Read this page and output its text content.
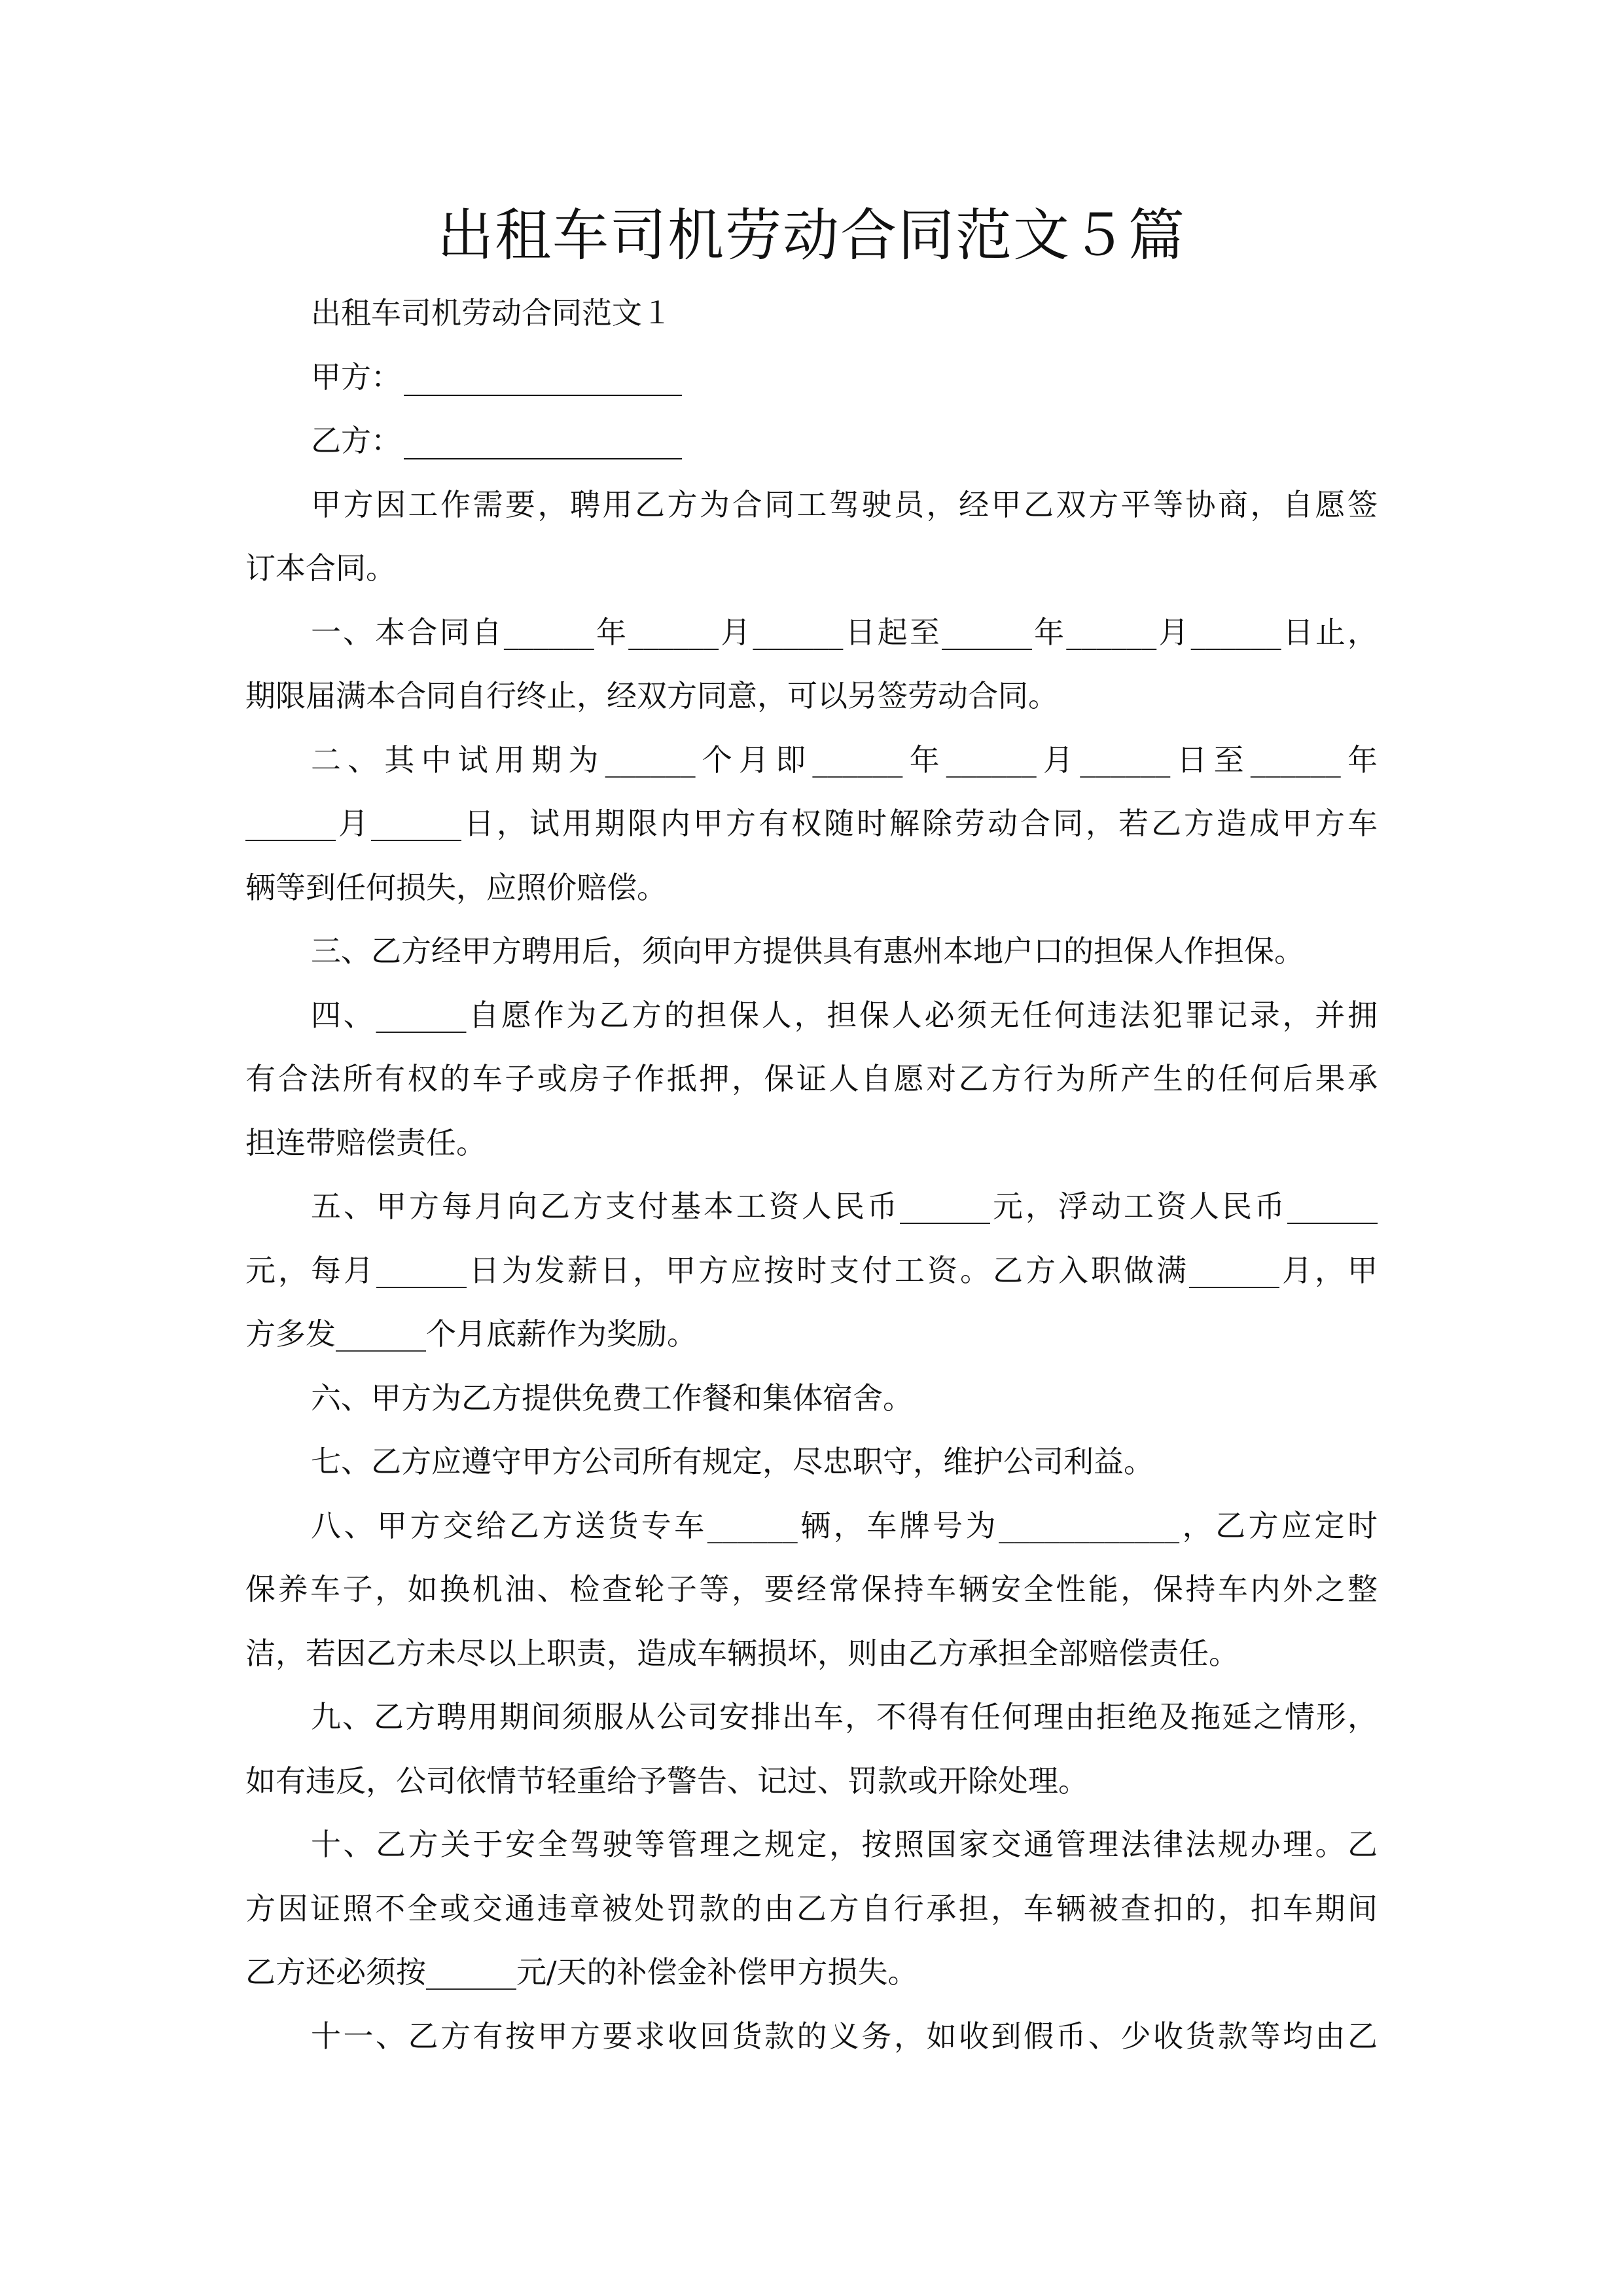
出租车司机劳动合同范文５篇
出租车司机劳动合同范文１
甲方：
乙方：
甲方因工作需要，聘用乙方为合同工驾驶员，经甲乙双方平等协商，自愿签
订本合同。
一、本合同自______年______月______日起至______年______月______日止，
期限届满本合同自行终止，经双方同意，可以另签劳动合同。
二、其中试用期为______个月即______年______月______日至______年
______月______日，试用期限内甲方有权随时解除劳动合同，若乙方造成甲方车
辆等到任何损失，应照价赔偿。
三、乙方经甲方聘用后，须向甲方提供具有惠州本地户口的担保人作担保。
四、______自愿作为乙方的担保人，担保人必须无任何违法犯罪记录，并拥
有合法所有权的车子或房子作抵押，保证人自愿对乙方行为所产生的任何后果承
担连带赔偿责任。
五、甲方每月向乙方支付基本工资人民币______元，浮动工资人民币______
元，每月______日为发薪日，甲方应按时支付工资。乙方入职做满______月，甲
方多发______个月底薪作为奖励。
六、甲方为乙方提供免费工作餐和集体宿舍。
七、乙方应遵守甲方公司所有规定，尽忠职守，维护公司利益。
八、甲方交给乙方送货专车______辆，车牌号为____________，乙方应定时
保养车子，如换机油、检查轮子等，要经常保持车辆安全性能，保持车内外之整
洁，若因乙方未尽以上职责，造成车辆损坏，则由乙方承担全部赔偿责任。
九、乙方聘用期间须服从公司安排出车，不得有任何理由拒绝及拖延之情形，
如有违反，公司依情节轻重给予警告、记过、罚款或开除处理。
十、乙方关于安全驾驶等管理之规定，按照国家交通管理法律法规办理。乙
方因证照不全或交通违章被处罚款的由乙方自行承担，车辆被查扣的，扣车期间
乙方还必须按______元/天的补偿金补偿甲方损失。
十一、乙方有按甲方要求收回货款的义务，如收到假币、少收货款等均由乙
